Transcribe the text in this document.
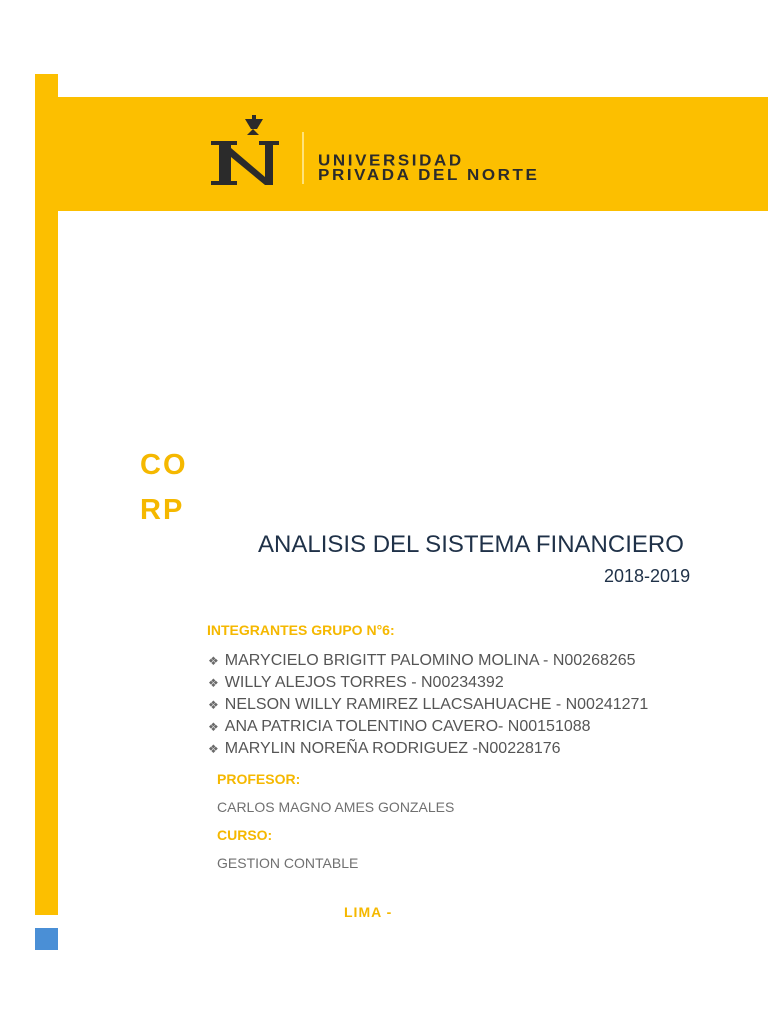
UNIVERSIDAD
PRIVADA DEL NORTE
CO
RP
ANALISIS DEL SISTEMA FINANCIERO
2018-2019
INTEGRANTES GRUPO N°6:
❖ MARYCIELO BRIGITT PALOMINO MOLINA - N00268265
❖ WILLY ALEJOS TORRES - N00234392
❖ NELSON WILLY RAMIREZ LLACSAHUACHE - N00241271
❖ ANA PATRICIA TOLENTINO CAVERO- N00151088
❖ MARYLIN NOREÑA RODRIGUEZ -N00228176
PROFESOR:
CARLOS MAGNO AMES GONZALES
CURSO:
GESTION CONTABLE
LIMA -
